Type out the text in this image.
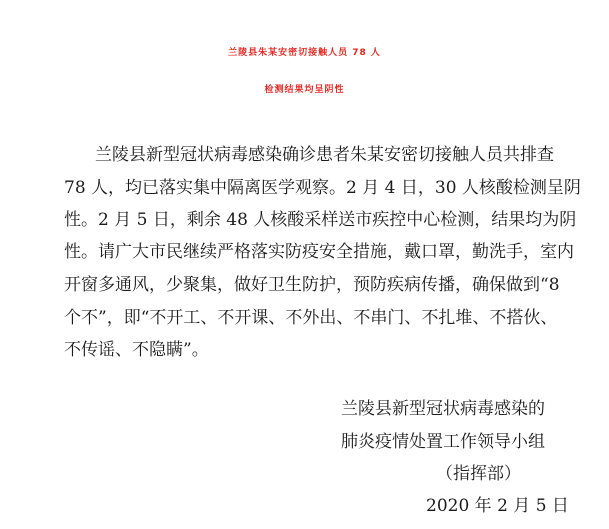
兰陵县朱某安密切接触人员 78 人
检测结果均呈阴性
兰陵县新型冠状病毒感染确诊患者朱某安密切接触人员共排查
78 人，均已落实集中隔离医学观察。2 月 4 日，30 人核酸检测呈阴
性。2 月 5 日，剩余 48 人核酸采样送市疾控中心检测，结果均为阴
性。请广大市民继续严格落实防疫安全措施，戴口罩，勤洗手，室内
开窗多通风，少聚集，做好卫生防护，预防疾病传播，确保做到“8
个不”，即“不开工、不开课、不外出、不串门、不扎堆、不搭伙、
不传谣、不隐瞒”。
兰陵县新型冠状病毒感染的
肺炎疫情处置工作领导小组
（指挥部）
2020 年 2 月 5 日
